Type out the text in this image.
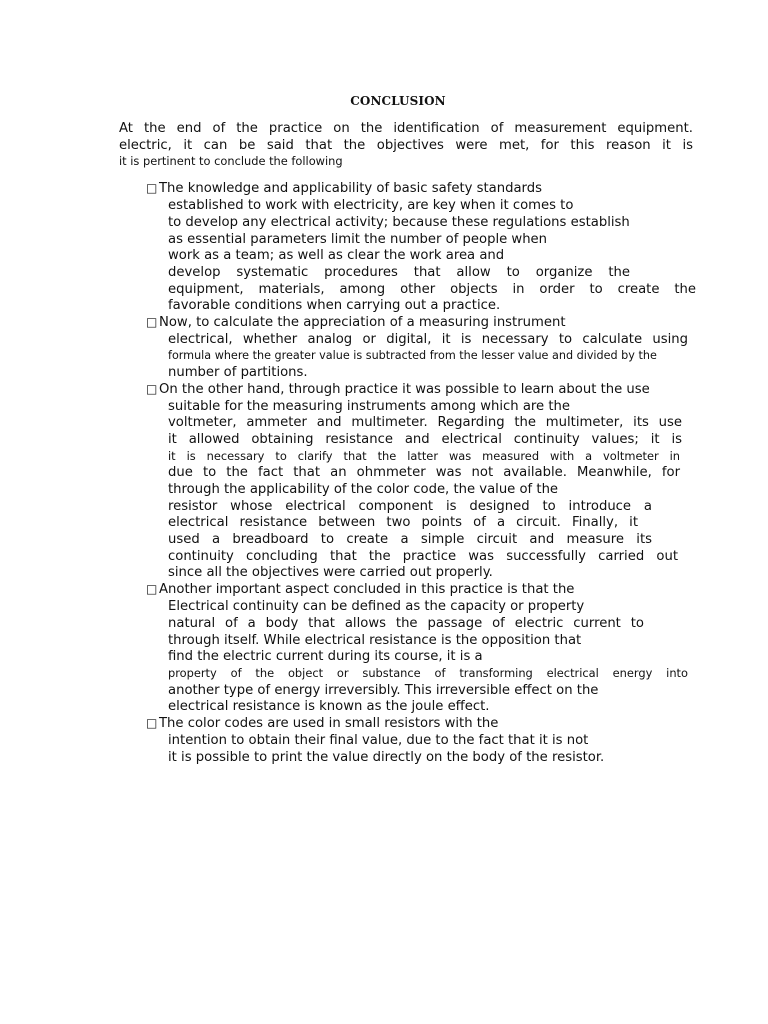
CONCLUSION

At the end of the practice on the identification of measurement equipment.

electric, it can be said that the objectives were met, for this reason it is

it is pertinent to conclude the following

□ The knowledge and applicability of basic safety standards

established to work with electricity, are key when it comes to

to develop any electrical activity; because these regulations establish

as essential parameters limit the number of people when

work as a team; as well as clear the work area and

develop systematic procedures that allow to organize the

equipment, materials, among other objects in order to create the

favorable conditions when carrying out a practice.

□ Now, to calculate the appreciation of a measuring instrument

electrical, whether analog or digital, it is necessary to calculate using

formula where the greater value is subtracted from the lesser value and divided by the

number of partitions.

□ On the other hand, through practice it was possible to learn about the use

suitable for the measuring instruments among which are the

voltmeter, ammeter and multimeter. Regarding the multimeter, its use

it allowed obtaining resistance and electrical continuity values; it is

it is necessary to clarify that the latter was measured with a voltmeter in

due to the fact that an ohmmeter was not available. Meanwhile, for

through the applicability of the color code, the value of the

resistor whose electrical component is designed to introduce a

electrical resistance between two points of a circuit. Finally, it

used a breadboard to create a simple circuit and measure its

continuity concluding that the practice was successfully carried out

since all the objectives were carried out properly.

□ Another important aspect concluded in this practice is that the

Electrical continuity can be defined as the capacity or property

natural of a body that allows the passage of electric current to

through itself. While electrical resistance is the opposition that

find the electric current during its course, it is a

property of the object or substance of transforming electrical energy into

another type of energy irreversibly. This irreversible effect on the

electrical resistance is known as the joule effect.

□ The color codes are used in small resistors with the

intention to obtain their final value, due to the fact that it is not

it is possible to print the value directly on the body of the resistor.
